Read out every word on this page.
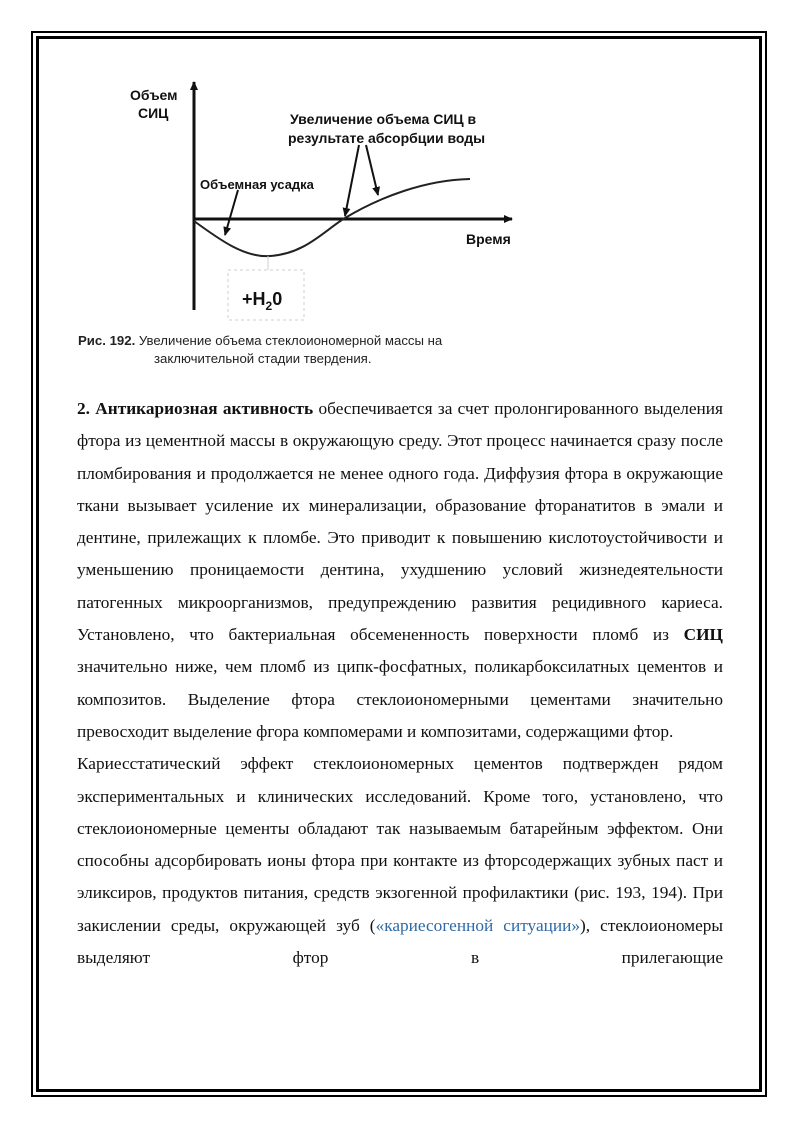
Объем
СИЦ
Время
Объемная усадка
Увеличение объема СИЦ в
результате абсорбции воды
$+H_20$
Рис. 192. Увеличение объема стеклоиономерной массы на
заключительной стадии твердения.

2. Антикариозная активность обеспечивается за счет пролонгированного выделения фтора из цементной массы в окружающую среду. Этот процесс начинается сразу после пломбирования и продолжается не менее одного года. Диффузия фтора в окружающие ткани вызывает усиление их минерализации, образование фторанатитов в эмали и дентине, прилежащих к пломбе. Это приводит к повышению кислотоустойчивости и уменьшению проницаемости дентина, ухудшению условий жизнедеятельности патогенных микроорганизмов, предупреждению развития рецидивного кариеса. Установлено, что бактериальная обсемененность поверхности пломб из СИЦ значительно ниже, чем пломб из ципк-фосфатных, поликарбоксилатных цементов и композитов. Выделение фтора стеклоиономерными цементами значительно превосходит выделение фгора компомерами и композитами, содержащими фтор.

Кариесстатический эффект стеклоиономерных цементов подтвержден рядом экспериментальных и клинических исследований. Кроме того, установлено, что стеклоиономерные цементы обладают так называемым батарейным эффектом. Они способны адсорбировать ионы фтора при контакте из фторсодержащих зубных паст и эликсиров, продуктов питания, средств экзогенной профилактики (рис. 193, 194). При закислении среды, окружающей зуб («кариесогенной ситуации»), стеклоиономеры выделяют фтор в прилегающие
